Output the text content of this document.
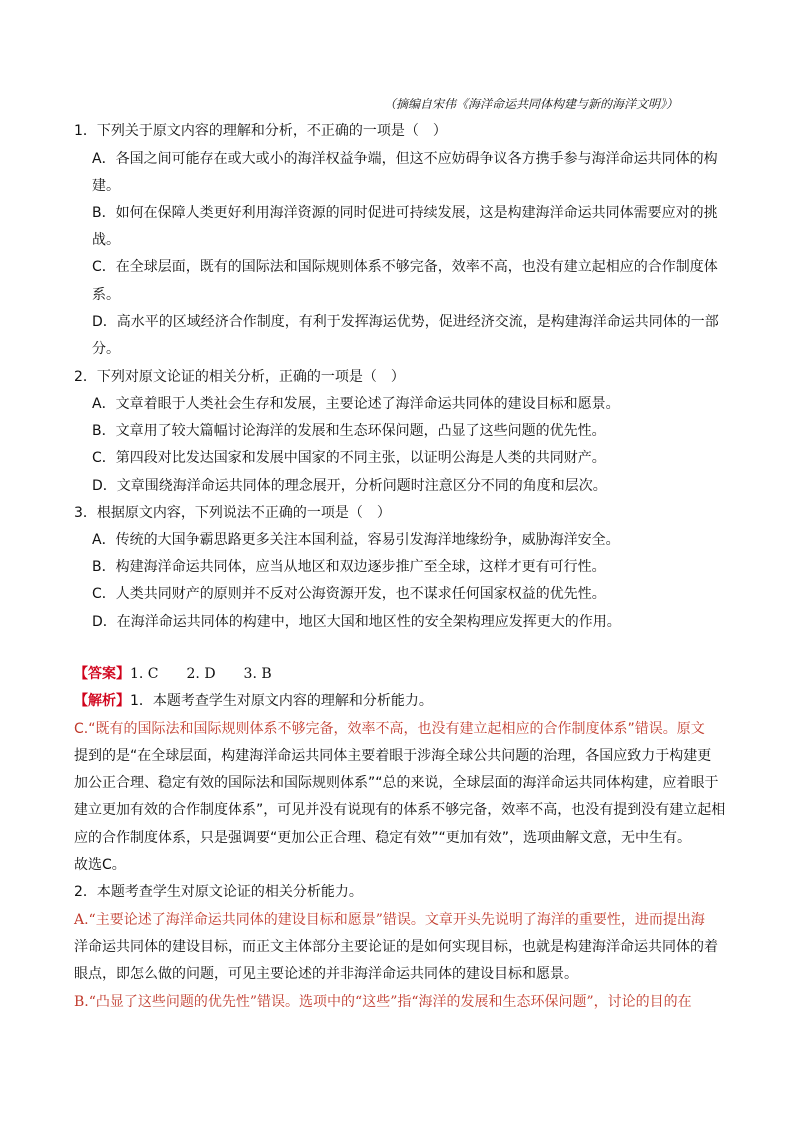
（摘编自宋伟《海洋命运共同体构建与新的海洋文明》）
1．下列关于原文内容的理解和分析，不正确的一项是（　）
A．各国之间可能存在或大或小的海洋权益争端，但这不应妨碍争议各方携手参与海洋命运共同体的构
建。
B．如何在保障人类更好利用海洋资源的同时促进可持续发展，这是构建海洋命运共同体需要应对的挑
战。
C．在全球层面，既有的国际法和国际规则体系不够完备，效率不高，也没有建立起相应的合作制度体
系。
D．高水平的区域经济合作制度，有利于发挥海运优势，促进经济交流，是构建海洋命运共同体的一部
分。
2．下列对原文论证的相关分析，正确的一项是（　）
A．文章着眼于人类社会生存和发展，主要论述了海洋命运共同体的建设目标和愿景。
B．文章用了较大篇幅讨论海洋的发展和生态环保问题，凸显了这些问题的优先性。
C．第四段对比发达国家和发展中国家的不同主张，以证明公海是人类的共同财产。
D．文章围绕海洋命运共同体的理念展开，分析问题时注意区分不同的角度和层次。
3．根据原文内容，下列说法不正确的一项是（　）
A．传统的大国争霸思路更多关注本国利益，容易引发海洋地缘纷争，威胁海洋安全。
B．构建海洋命运共同体，应当从地区和双边逐步推广至全球，这样才更有可行性。
C．人类共同财产的原则并不反对公海资源开发，也不谋求任何国家权益的优先性。
D．在海洋命运共同体的构建中，地区大国和地区性的安全架构理应发挥更大的作用。
【答案】1. C　　2. D　　3. B
【解析】1．本题考查学生对原文内容的理解和分析能力。
C.“既有的国际法和国际规则体系不够完备，效率不高，也没有建立起相应的合作制度体系”错误。原文
提到的是“在全球层面，构建海洋命运共同体主要着眼于涉海全球公共问题的治理，各国应致力于构建更
加公正合理、稳定有效的国际法和国际规则体系”“总的来说，全球层面的海洋命运共同体构建，应着眼于
建立更加有效的合作制度体系”，可见并没有说现有的体系不够完备，效率不高，也没有提到没有建立起相
应的合作制度体系，只是强调要“更加公正合理、稳定有效”“更加有效”，选项曲解文意，无中生有。
故选C。
2．本题考查学生对原文论证的相关分析能力。
A.“主要论述了海洋命运共同体的建设目标和愿景”错误。文章开头先说明了海洋的重要性，进而提出海
洋命运共同体的建设目标，而正文主体部分主要论证的是如何实现目标，也就是构建海洋命运共同体的着
眼点，即怎么做的问题，可见主要论述的并非海洋命运共同体的建设目标和愿景。
B.“凸显了这些问题的优先性”错误。选项中的“这些”指“海洋的发展和生态环保问题”，讨论的目的在
